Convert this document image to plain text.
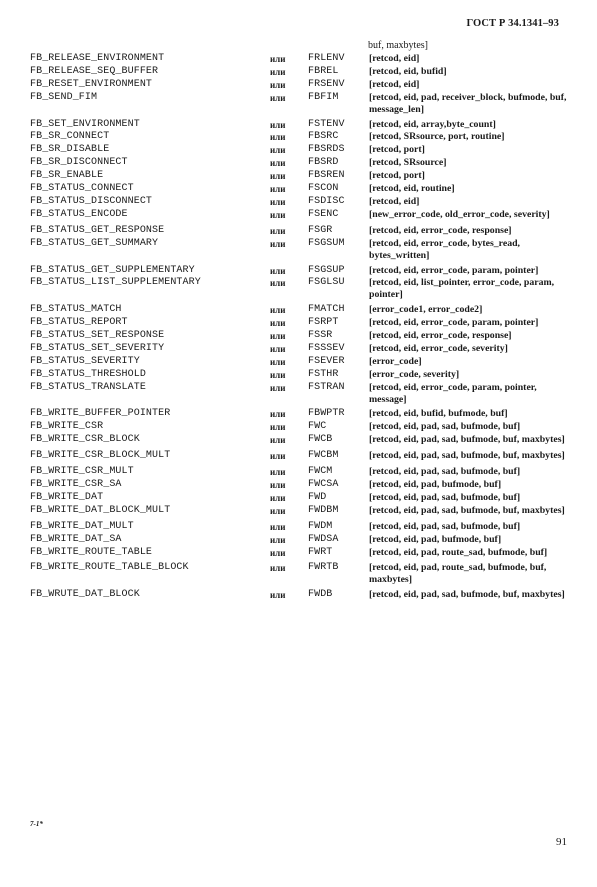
ГОСТ Р 34.1341–93
buf, maxbytes]
FB_RELEASE_ENVIRONMENT	или	FRLENV	[retcod, eid]
FB_RELEASE_SEQ_BUFFER	или	FBREL	[retcod, eid, bufid]
FB_RESET_ENVIRONMENT	или	FRSENV	[retcod, eid]
FB_SEND_FIM	или	FBFIM	[retcod, eid, pad, receiver_block, bufmode, buf, message_len]
FB_SET_ENVIRONMENT	или	FSTENV	[retcod, eid, array,byte_count]
FB_SR_CONNECT	или	FBSRC	[retcod, SRsource, port, routine]
FB_SR_DISABLE	или	FBSRDS	[retcod, port]
FB_SR_DISCONNECT	или	FBSRD	[retcod, SRsource]
FB_SR_ENABLE	или	FBSREN	[retcod, port]
FB_STATUS_CONNECT	или	FSCON	[retcod, eid, routine]
FB_STATUS_DISCONNECT	или	FSDISC	[retcod, eid]
FB_STATUS_ENCODE	или	FSENC	[new_error_code, old_error_code, severity]
FB_STATUS_GET_RESPONSE	или	FSGR	[retcod, eid, error_code, response]
FB_STATUS_GET_SUMMARY	или	FSGSUM	[retcod, eid, error_code, bytes_read, bytes_written]
FB_STATUS_GET_SUPPLEMENTARY	или	FSGSUP	[retcod, eid, error_code, param, pointer]
FB_STATUS_LIST_SUPPLEMENTARY	или	FSGLSU	[retcod, eid, list_pointer, error_code, param, pointer]
FB_STATUS_MATCH	или	FMATCH	[error_code1, error_code2]
FB_STATUS_REPORT	или	FSRPT	[retcod, eid, error_code, param, pointer]
FB_STATUS_SET_RESPONSE	или	FSSR	[retcod, eid, error_code, response]
FB_STATUS_SET_SEVERITY	или	FSSSEV	[retcod, eid, error_code, severity]
FB_STATUS_SEVERITY	или	FSEVER	[error_code]
FB_STATUS_THRESHOLD	или	FSTHR	[error_code, severity]
FB_STATUS_TRANSLATE	или	FSTRAN	[retcod, eid, error_code, param, pointer, message]
FB_WRITE_BUFFER_POINTER	или	FBWPTR	[retcod, eid, bufid, bufmode, buf]
FB_WRITE_CSR	или	FWC	[retcod, eid, pad, sad, bufmode, buf]
FB_WRITE_CSR_BLOCK	или	FWCB	[retcod, eid, pad, sad, bufmode, buf, maxbytes]
FB_WRITE_CSR_BLOCK_MULT	или	FWCBM	[retcod, eid, pad, sad, bufmode, buf, maxbytes]
FB_WRITE_CSR_MULT	или	FWCM	[retcod, eid, pad, sad, bufmode, buf]
FB_WRITE_CSR_SA	или	FWCSA	[retcod, eid, pad, bufmode, buf]
FB_WRITE_DAT	или	FWD	[retcod, eid, pad, sad, bufmode, buf]
FB_WRITE_DAT_BLOCK_MULT	или	FWDBM	[retcod, eid, pad, sad, bufmode, buf, maxbytes]
FB_WRITE_DAT_MULT	или	FWDM	[retcod, eid, pad, sad, bufmode, buf]
FB_WRITE_DAT_SA	или	FWDSA	[retcod, eid, pad, bufmode, buf]
FB_WRITE_ROUTE_TABLE	или	FWRT	[retcod, eid, pad, route_sad, bufmode, buf]
FB_WRITE_ROUTE_TABLE_BLOCK	или	FWRTB	[retcod, eid, pad, route_sad, bufmode, buf, maxbytes]
FB_WRUTE_DAT_BLOCK	или	FWDB	[retcod, eid, pad, sad, bufmode, buf, maxbytes]
7-1*
91
